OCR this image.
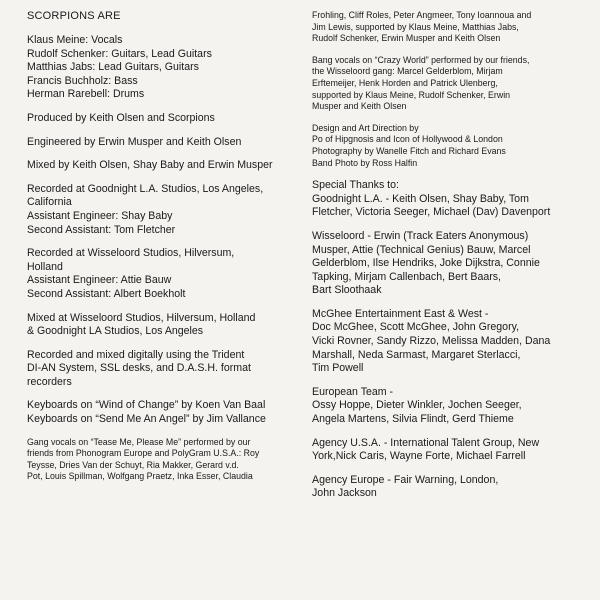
SCORPIONS ARE

Klaus Meine: Vocals
Rudolf Schenker: Guitars, Lead Guitars
Matthias Jabs: Lead Guitars, Guitars
Francis Buchholz: Bass
Herman Rarebell: Drums

Produced by Keith Olsen and Scorpions

Engineered by Erwin Musper and Keith Olsen

Mixed by Keith Olsen, Shay Baby and Erwin Musper

Recorded at Goodnight L.A. Studios, Los Angeles,
California
Assistant Engineer: Shay Baby
Second Assistant: Tom Fletcher

Recorded at Wisseloord Studios, Hilversum,
Holland
Assistant Engineer: Attie Bauw
Second Assistant: Albert Boekholt

Mixed at Wisseloord Studios, Hilversum, Holland
& Goodnight LA Studios, Los Angeles

Recorded and mixed digitally using the Trident
DI-AN System, SSL desks, and D.A.S.H. format
recorders

Keyboards on “Wind of Change” by Koen Van Baal
Keyboards on “Send Me An Angel” by Jim Vallance

Gang vocals on “Tease Me, Please Me” performed by our
friends from Phonogram Europe and PolyGram U.S.A.: Roy
Teysse, Dries Van der Schuyt, Ria Makker, Gerard v.d.
Pot, Louis Spillman, Wolfgang Praetz, Inka Esser, Claudia

Frohling, Cliff Roles, Peter Angmeer, Tony Ioannoua and
Jim Lewis, supported by Klaus Meine, Matthias Jabs,
Rudolf Schenker, Erwin Musper and Keith Olsen

Bang vocals on “Crazy World” performed by our friends,
the Wisseloord gang: Marcel Gelderblom, Mirjam
Erftemeijer, Henk Horden and Patrick Ulenberg,
supported by Klaus Meine, Rudolf Schenker, Erwin
Musper and Keith Olsen

Design and Art Direction by
Po of Hipgnosis and Icon of Hollywood & London
Photography by Wanelle Fitch and Richard Evans
Band Photo by Ross Halfin

Special Thanks to:
Goodnight L.A. - Keith Olsen, Shay Baby, Tom
Fletcher, Victoria Seeger, Michael (Dav) Davenport

Wisseloord - Erwin (Track Eaters Anonymous)
Musper, Attie (Technical Genius) Bauw, Marcel
Gelderblom, Ilse Hendriks, Joke Dijkstra, Connie
Tapking, Mirjam Callenbach, Bert Baars,
Bart Sloothaak

McGhee Entertainment East & West -
Doc McGhee, Scott McGhee, John Gregory,
Vicki Rovner, Sandy Rizzo, Melissa Madden, Dana
Marshall, Neda Sarmast, Margaret Sterlacci,
Tim Powell

European Team -
Ossy Hoppe, Dieter Winkler, Jochen Seeger,
Angela Martens, Silvia Flindt, Gerd Thieme

Agency U.S.A. - International Talent Group, New
York,Nick Caris, Wayne Forte, Michael Farrell

Agency Europe - Fair Warning, London,
John Jackson
